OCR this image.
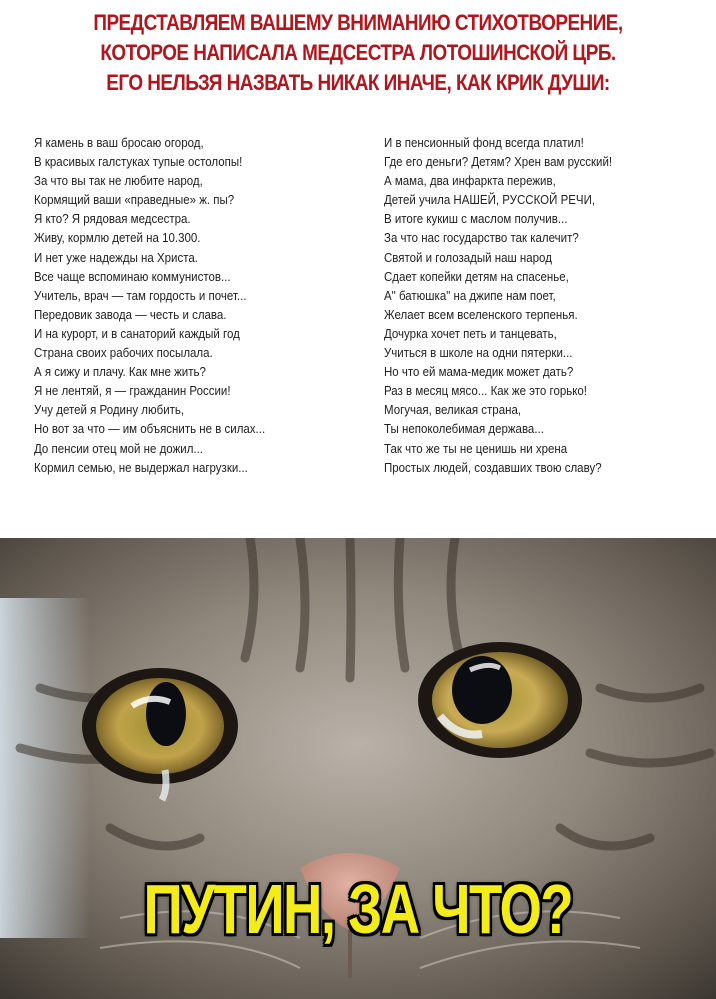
ПРЕДСТАВЛЯЕМ ВАШЕМУ ВНИМАНИЮ СТИХОТВОРЕНИЕ,
КОТОРОЕ НАПИСАЛА МЕДСЕСТРА ЛОТОШИНСКОЙ ЦРБ.
ЕГО НЕЛЬЗЯ НАЗВАТЬ НИКАК ИНАЧЕ, КАК КРИК ДУШИ:
Я камень в ваш бросаю огород,
В красивых галстуках тупые остолопы!
За что вы так не любите народ,
Кормящий ваши «праведные» ж. пы?
Я кто? Я рядовая медсестра.
Живу, кормлю детей на 10.300.
И нет уже надежды на Христа.
Все чаще вспоминаю коммунистов...
Учитель, врач — там гордость и почет...
Передовик завода — честь и слава.
И на курорт, и в санаторий каждый год
Страна своих рабочих посылала.
А я сижу и плачу. Как мне жить?
Я не лентяй, я — гражданин России!
Учу детей я Родину любить,
Но вот за что — им объяснить не в силах...
До пенсии отец мой не дожил...
Кормил семью, не выдержал нагрузки...
И в пенсионный фонд всегда платил!
Где его деньги? Детям? Хрен вам русский!
А мама, два инфаркта пережив,
Детей учила НАШЕЙ, РУССКОЙ РЕЧИ,
В итоге кукиш с маслом получив...
За что нас государство так калечит?
Святой и голозадый наш народ
Сдает копейки детям на спасенье,
А" батюшка" на джипе нам поет,
Желает всем вселенского терпенья.
Дочурка хочет петь и танцевать,
Учиться в школе на одни пятерки...
Но что ей мама-медик может дать?
Раз в месяц мясо... Как же это горько!
Могучая, великая страна,
Ты непоколебимая держава...
Так что же ты не ценишь ни хрена
Простых людей, создавших твою славу?
ПУТИН, ЗА ЧТО?
